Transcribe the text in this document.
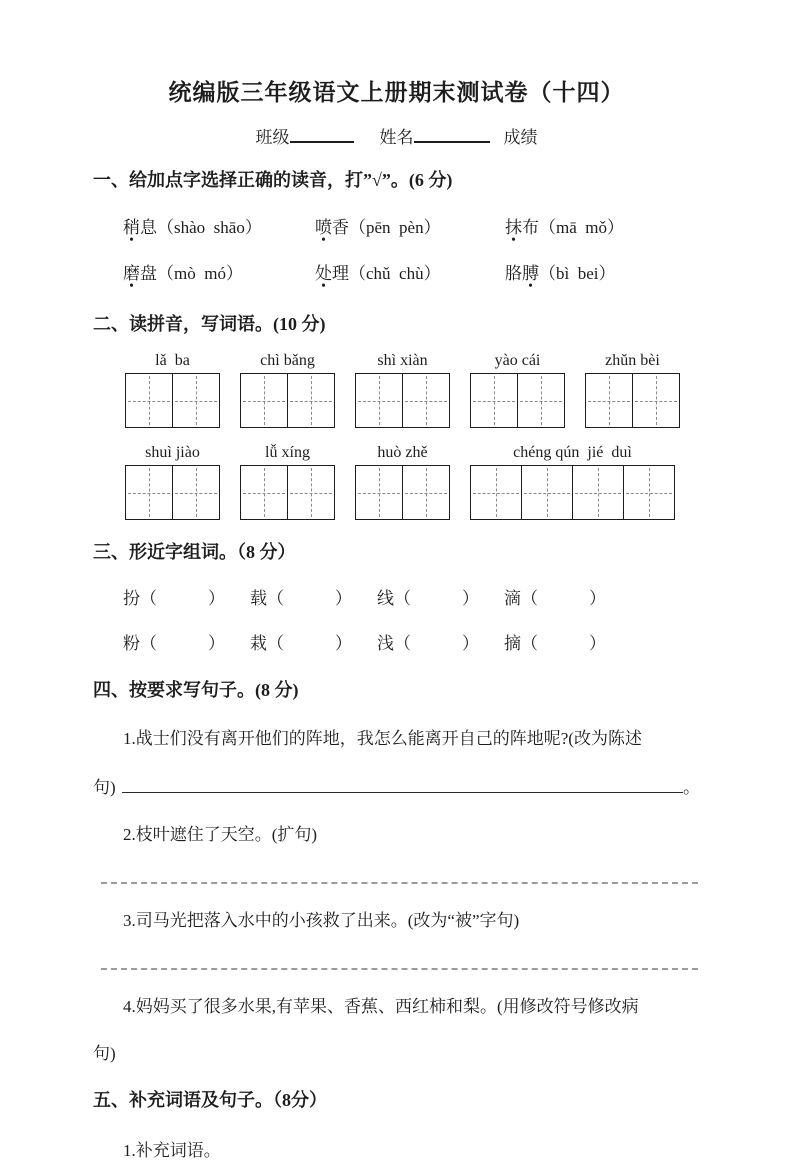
统编版三年级语文上册期末测试卷（十四）
班级	姓名	成绩
一、给加点字选择正确的读音，打”√”。(6 分)
稍息（shào  shāo）	喷香（pēn  pèn）	抹布（mā  mǒ）
磨盘（mò  mó）	处理（chǔ  chù）	胳膊（bì  bei）
二、读拼音，写词语。(10 分)
lǎ  ba	chì bǎng	shì xiàn	yào cái	zhǔn bèi
shuì jiào	lǚ xíng	huò zhě	chéng qún  jié  duì
三、形近字组词。（8 分）
扮（　　　）	载（　　　）	线（　　　）	滴（　　　）
粉（　　　）	栽（　　　）	浅（　　　）	摘（　　　）
四、按要求写句子。(8 分)
1.战士们没有离开他们的阵地，我怎么能离开自己的阵地呢?(改为陈述
句)	。
2.枝叶遮住了天空。(扩句)
3.司马光把落入水中的小孩救了出来。(改为“被”字句)
4.妈妈买了很多水果,有苹果、香蕉、西红柿和梨。(用修改符号修改病
句)
五、补充词语及句子。（8分）
1.补充词语。
